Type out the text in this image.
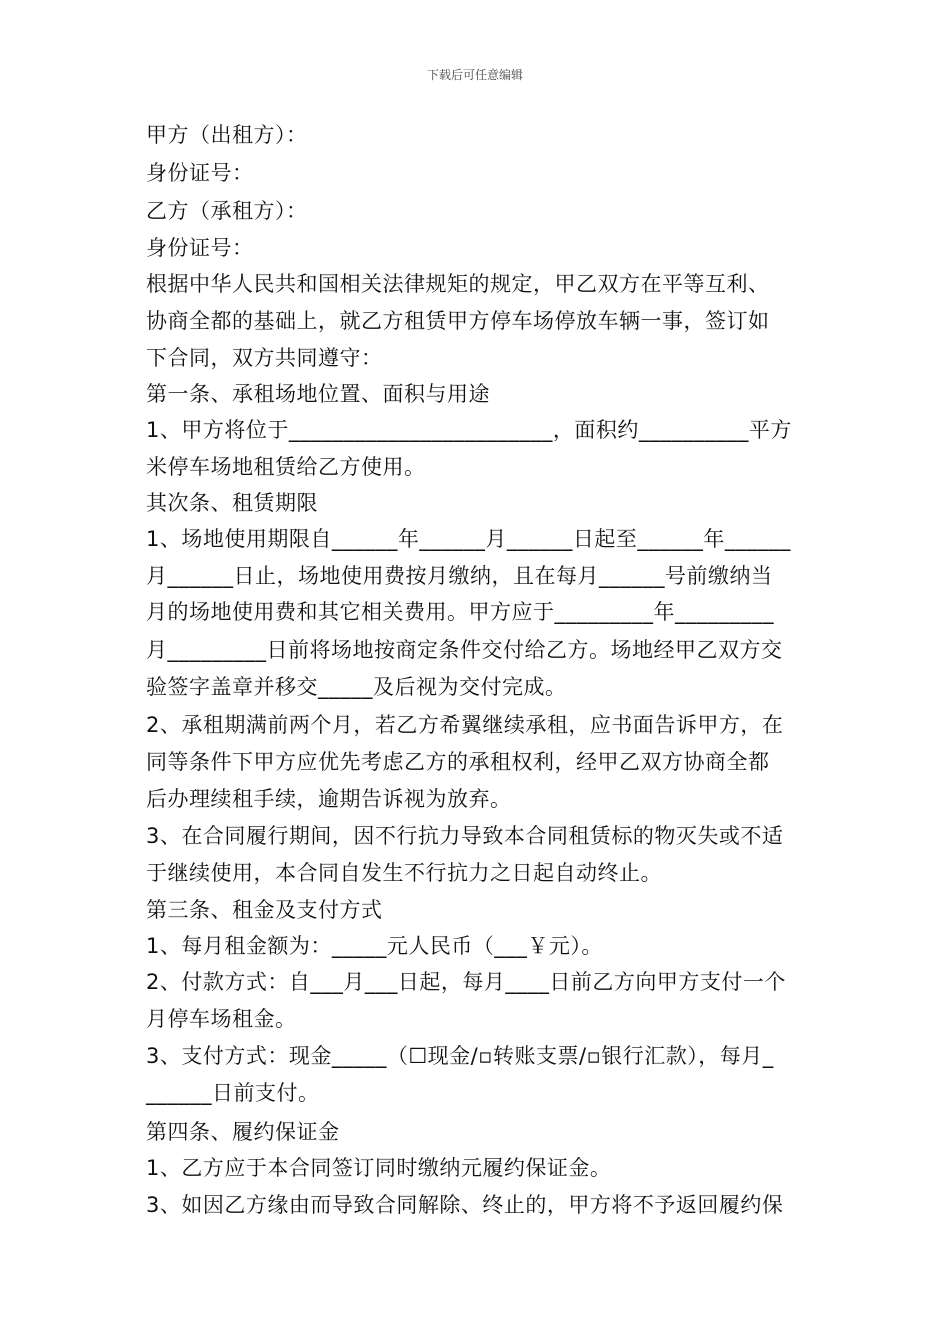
下载后可任意编辑
甲方（出租方）：
身份证号：
乙方（承租方）：
身份证号：
根据中华人民共和国相关法律规矩的规定，甲乙双方在平等互利、
协商全都的基础上，就乙方租赁甲方停车场停放车辆一事，签订如
下合同，双方共同遵守：
第一条、承租场地位置、面积与用途
1、甲方将位于________________________，面积约__________平方
米停车场地租赁给乙方使用。
其次条、租赁期限
1、场地使用期限自______年______月______日起至______年______
月______日止，场地使用费按月缴纳，且在每月______号前缴纳当
月的场地使用费和其它相关费用。甲方应于_________年_________
月_________日前将场地按商定条件交付给乙方。场地经甲乙双方交
验签字盖章并移交_____及后视为交付完成。
2、承租期满前两个月，若乙方希翼继续承租，应书面告诉甲方，在
同等条件下甲方应优先考虑乙方的承租权利，经甲乙双方协商全都
后办理续租手续，逾期告诉视为放弃。
3、在合同履行期间，因不行抗力导致本合同租赁标的物灭失或不适
于继续使用，本合同自发生不行抗力之日起自动终止。
第三条、租金及支付方式
1、每月租金额为：_____元人民币（___￥元）。
2、付款方式：自___月___日起，每月____日前乙方向甲方支付一个
月停车场租金。
3、支付方式：现金_____（☐现金/▫转账支票/▫银行汇款），每月_
______日前支付。
第四条、履约保证金
1、乙方应于本合同签订同时缴纳元履约保证金。
3、如因乙方缘由而导致合同解除、终止的，甲方将不予返回履约保
